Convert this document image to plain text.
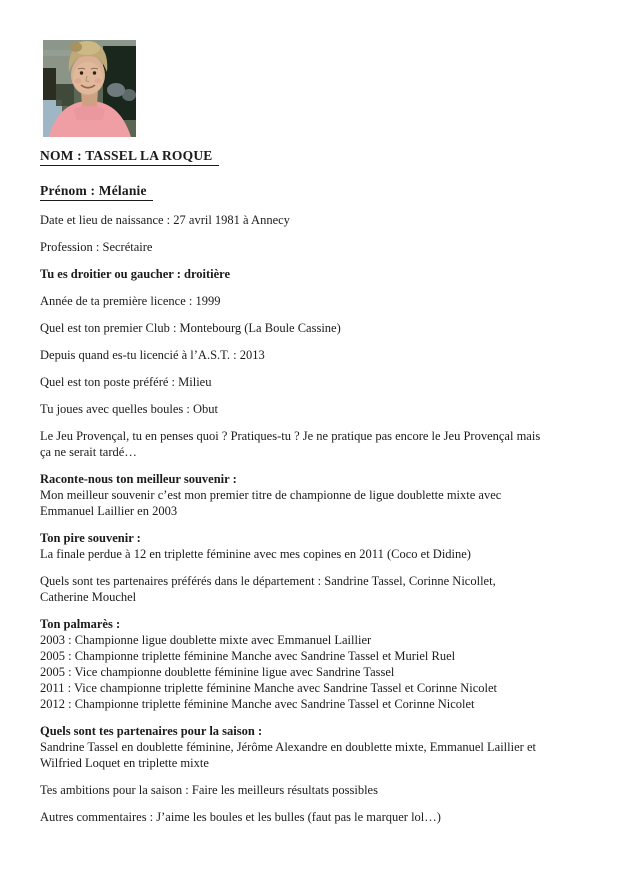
NOM : TASSEL LA ROQUE
Prénom : Mélanie
Date et lieu de naissance : 27 avril 1981 à Annecy
Profession : Secrétaire
Tu es droitier ou gaucher : droitière
Année de ta première licence : 1999
Quel est ton premier Club : Montebourg (La Boule Cassine)
Depuis quand es-tu licencié à l’A.S.T. : 2013
Quel est ton poste préféré : Milieu
Tu joues avec quelles boules : Obut
Le Jeu Provençal, tu en penses quoi ? Pratiques-tu ? Je ne pratique pas encore le Jeu Provençal mais
ça ne serait tardé…
Raconte-nous ton meilleur souvenir :
Mon meilleur souvenir c’est mon premier titre de championne de ligue doublette mixte avec
Emmanuel Laillier en 2003
Ton pire souvenir :
La finale perdue à 12 en triplette féminine avec mes copines en 2011 (Coco et Didine)
Quels sont tes partenaires préférés dans le département : Sandrine Tassel, Corinne Nicollet,
Catherine Mouchel
Ton palmarès :
2003 : Championne ligue doublette mixte avec Emmanuel Laillier
2005 : Championne triplette féminine Manche avec Sandrine Tassel et Muriel Ruel
2005 : Vice championne doublette féminine ligue avec Sandrine Tassel
2011 : Vice championne triplette féminine Manche avec Sandrine Tassel et Corinne Nicolet
2012 : Championne triplette féminine Manche avec Sandrine Tassel et Corinne Nicolet
Quels sont tes partenaires pour la saison :
Sandrine Tassel en doublette féminine, Jérôme Alexandre en doublette mixte, Emmanuel Laillier et
Wilfried Loquet en triplette mixte
Tes ambitions pour la saison : Faire les meilleurs résultats possibles
Autres commentaires : J’aime les boules et les bulles (faut pas le marquer lol…)
